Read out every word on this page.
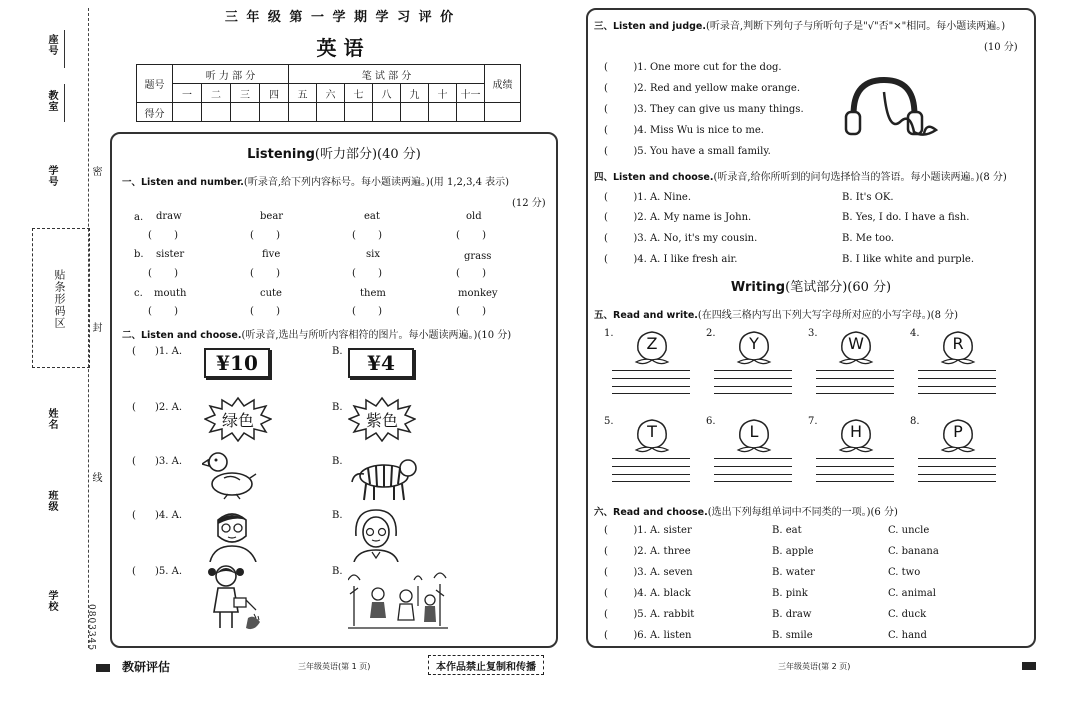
座号
教室
学号	密
贴条形码区 封
姓名
线
班级
学校
0803345
三 年 级 第 一 学 期 学 习 评 价
英 语
题号	听 力 部 分				笔 试 部 分							成绩
	一	二	三	四	五	六	七	八	九	十	十一	
得分												
Listening(听力部分)(40 分)
一、Listen and number.(听录音,给下列内容标号。每小题读两遍。)(用 1,2,3,4 表示)
(12 分)
a. draw	bear	eat	old
(       )	(       )	(       )	(       )
b. sister	five	six	grass
(       )	(       )	(       )	(       )
c. mouth	cute	them	monkey
(       )	(       )	(       )	(       )
二、Listen and choose.(听录音,选出与所听内容相符的图片。每小题读两遍。)(10 分)
(      )1. A.	¥10	B.	¥4
(      )2. A.
绿色
B.
紫色
(      )3. A.	B.
(      )4. A.	B.
(      )5. A.	B.
三、Listen and judge.(听录音,判断下列句子与所听句子是"√"否"×"相同。每小题读两遍。)
(10 分)
(        )1. One more cut for the dog.
(        )2. Red and yellow make orange.
(        )3. They can give us many things.
(        )4. Miss Wu is nice to me.
(        )5. You have a small family.
四、Listen and choose.(听录音,给你所听到的问句选择恰当的答语。每小题读两遍。)(8 分)
(        )1. A. Nine.	B. It's OK.
(        )2. A. My name is John.	B. Yes, I do. I have a fish.
(        )3. A. No, it's my cousin.	B. Me too.
(        )4. A. I like fresh air.	B. I like white and purple.
Writing(笔试部分)(60 分)
五、Read and write.(在四线三格内写出下列大写字母所对应的小写字母。)(8 分)
1.
Z
2.
Y
3.
W
4.
R
5.
T
6.
L
7.
H
8.
P
六、Read and choose.(选出下列每组单词中不同类的一项。)(6 分)
(        )1. A. sister	B. eat	C. uncle
(        )2. A. three	B. apple	C. banana
(        )3. A. seven	B. water	C. two
(        )4. A. black	B. pink	C. animal
(        )5. A. rabbit	B. draw	C. duck
(        )6. A. listen	B. smile	C. hand
教研评估	三年级英语(第 1 页)	本作品禁止复制和传播	三年级英语(第 2 页)
